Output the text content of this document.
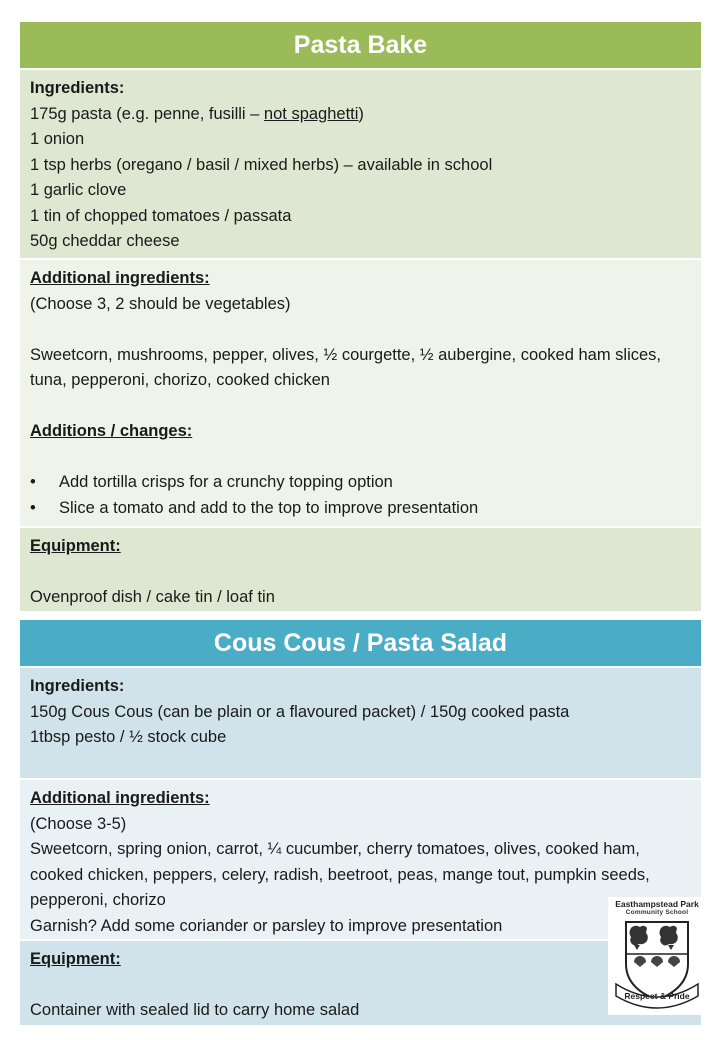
Pasta Bake

Ingredients:

175g pasta (e.g. penne, fusilli – not spaghetti)

1 onion

1 tsp herbs (oregano / basil / mixed herbs) – available in school

1 garlic clove

1 tin of chopped tomatoes / passata

50g cheddar cheese

Additional ingredients:

(Choose 3, 2 should be vegetables)

Sweetcorn, mushrooms, pepper, olives, ½ courgette, ½ aubergine, cooked ham slices, tuna, pepperoni, chorizo, cooked chicken

Additions / changes:

• Add tortilla crisps for a crunchy topping option
• Slice a tomato and add to the top to improve presentation

Equipment:

Ovenproof dish / cake tin / loaf tin

Cous Cous / Pasta Salad

Ingredients:

150g Cous Cous (can be plain or a flavoured packet) / 150g cooked pasta

1tbsp pesto / ½ stock cube

Additional ingredients:

(Choose 3-5)

Sweetcorn, spring onion, carrot, ¼ cucumber, cherry tomatoes, olives, cooked ham, cooked chicken, peppers, celery, radish, beetroot, peas, mange tout, pumpkin seeds, pepperoni, chorizo

Garnish? Add some coriander or parsley to improve presentation

Equipment:

Container with sealed lid to carry home salad

Easthampstead Park
Community School
Respect & Pride
